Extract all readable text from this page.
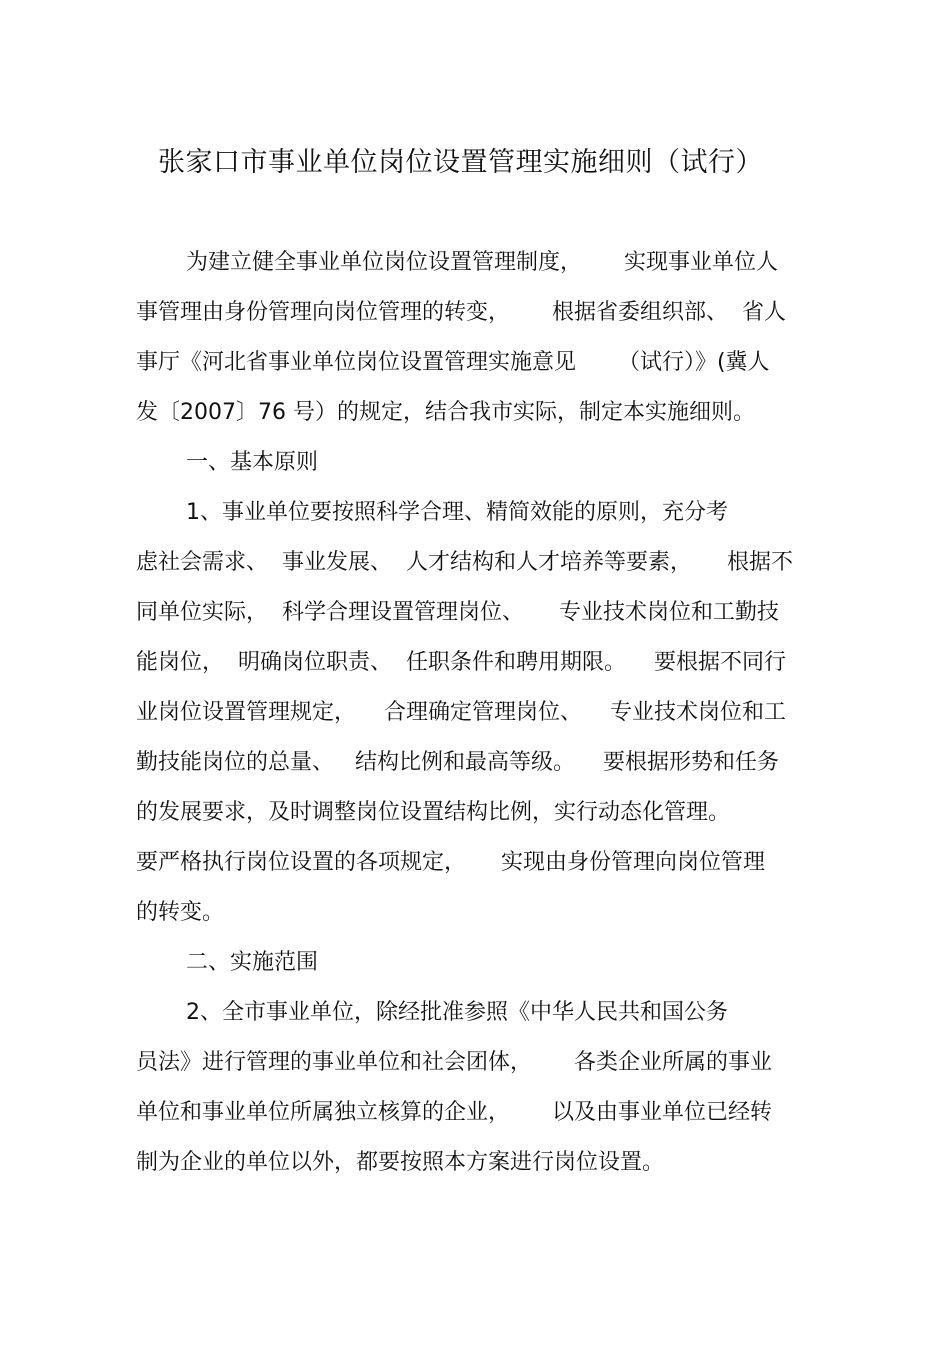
张家口市事业单位岗位设置管理实施细则（试行）
为建立健全事业单位岗位设置管理制度，      实现事业单位人
事管理由身份管理向岗位管理的转变，      根据省委组织部、  省人
事厅《河北省事业单位岗位设置管理实施意见      （试行）》(冀人
发〔2007〕76 号）的规定，结合我市实际，制定本实施细则。
一、基本原则
1、事业单位要按照科学合理、精简效能的原则，充分考
虑社会需求、  事业发展、  人才结构和人才培养等要素，     根据不
同单位实际，  科学合理设置管理岗位、     专业技术岗位和工勤技
能岗位，  明确岗位职责、  任职条件和聘用期限。    要根据不同行
业岗位设置管理规定，    合理确定管理岗位、    专业技术岗位和工
勤技能岗位的总量、   结构比例和最高等级。    要根据形势和任务
的发展要求，及时调整岗位设置结构比例，实行动态化管理。
要严格执行岗位设置的各项规定，     实现由身份管理向岗位管理
的转变。
二、实施范围
2、全市事业单位，除经批准参照《中华人民共和国公务
员法》进行管理的事业单位和社会团体，      各类企业所属的事业
单位和事业单位所属独立核算的企业，      以及由事业单位已经转
制为企业的单位以外，都要按照本方案进行岗位设置。
